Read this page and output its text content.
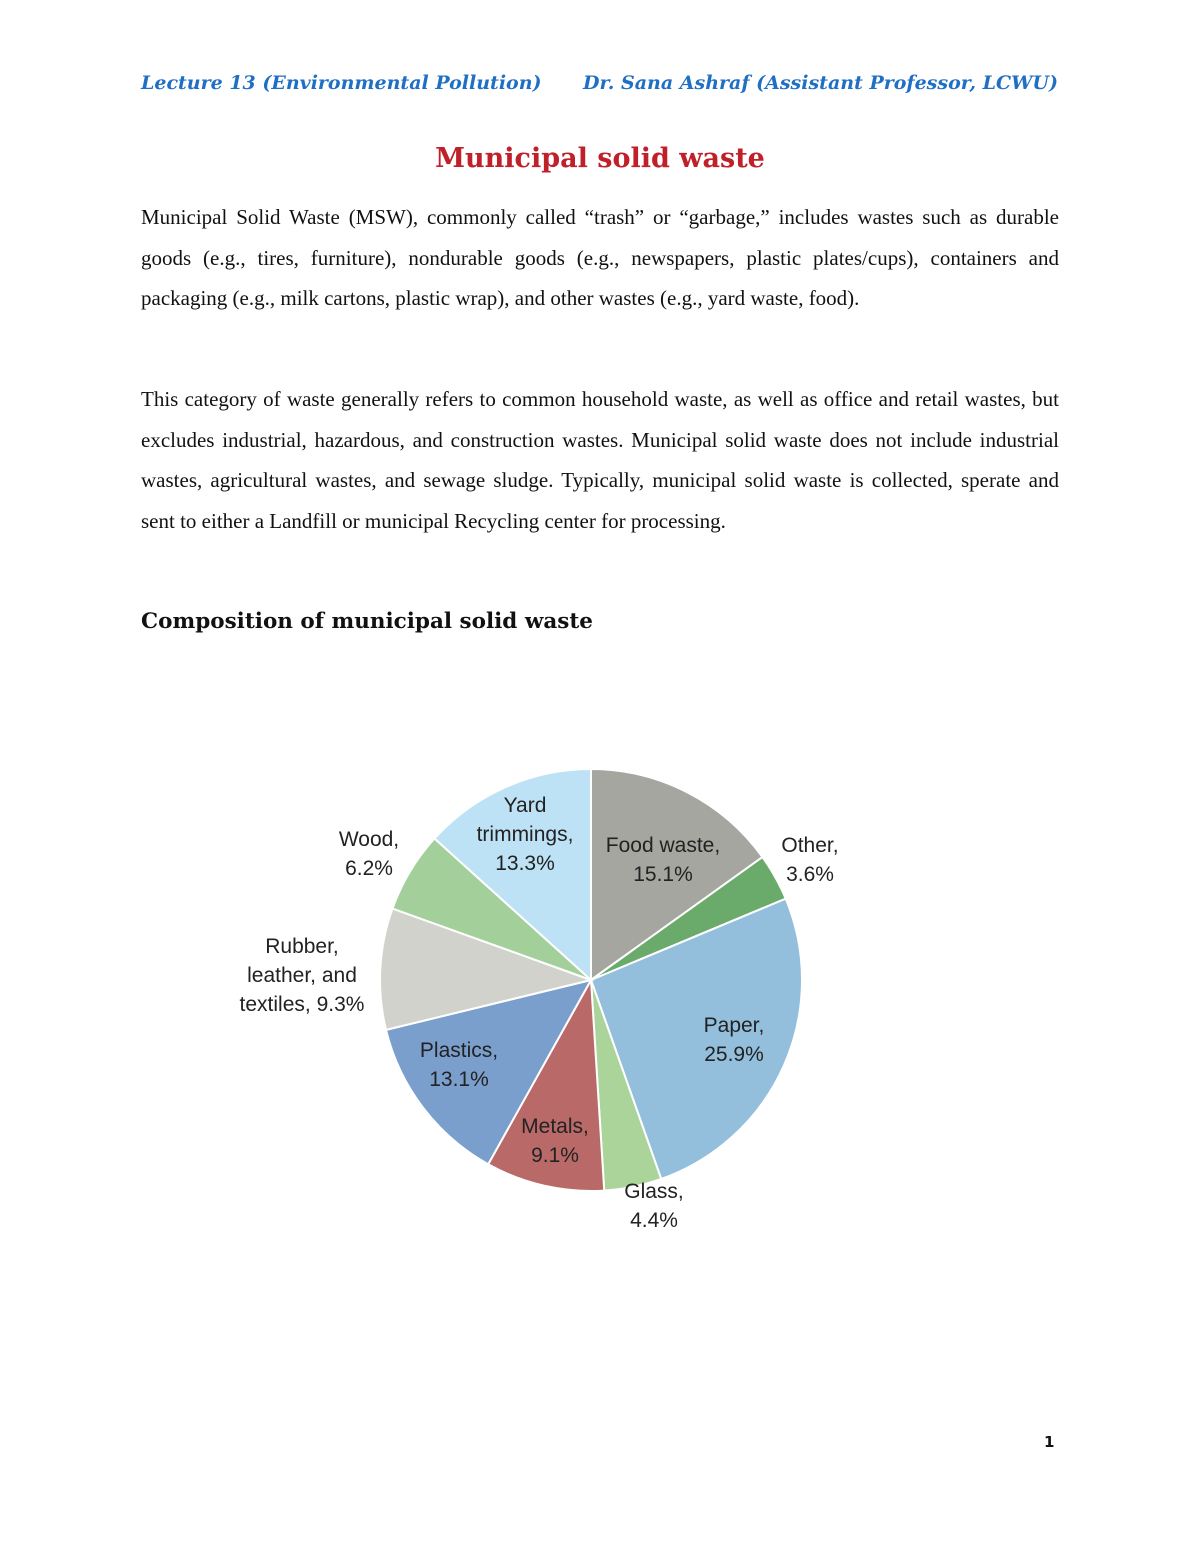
Lecture 13 (Environmental Pollution) Dr. Sana Ashraf (Assistant Professor, LCWU)
Municipal solid waste

Municipal Solid Waste (MSW), commonly called “trash” or “garbage,” includes wastes such as durable goods (e.g., tires, furniture), nondurable goods (e.g., newspapers, plastic plates/cups), containers and packaging (e.g., milk cartons, plastic wrap), and other wastes (e.g., yard waste, food).

This category of waste generally refers to common household waste, as well as office and retail wastes, but excludes industrial, hazardous, and construction wastes. Municipal solid waste does not include industrial wastes, agricultural wastes, and sewage sludge. Typically, municipal solid waste is collected, sperate and sent to either a Landfill or municipal Recycling center for processing.

Composition of municipal solid waste
Food waste, 15.1%
Other, 3.6%
Paper, 25.9%
Glass, 4.4%
Metals, 9.1%
Plastics, 13.1%
Rubber, leather, and textiles, 9.3%
Wood, 6.2%
Yard trimmings, 13.3%
1
